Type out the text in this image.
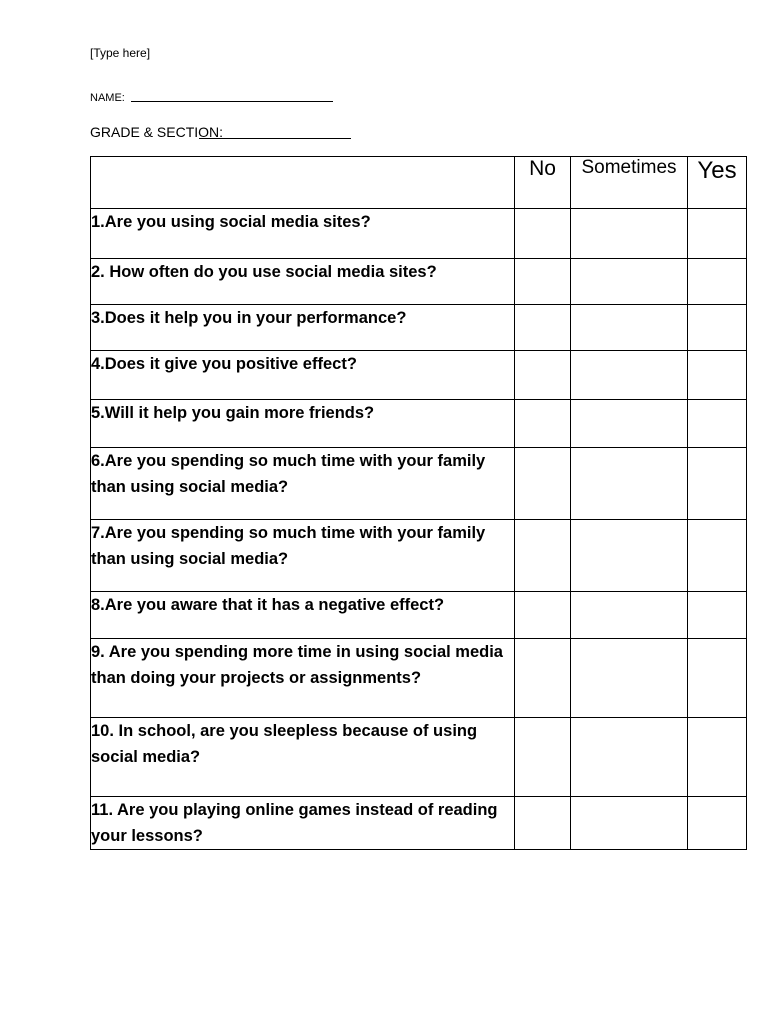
[Type here]
NAME:
GRADE & SECTION:
	No	Sometimes	Yes
1.Are you using social media sites?			
2. How often do you use social media sites?			
3.Does it help you in your performance?			
4.Does it give you positive effect?			
5.Will it help you gain more friends?			
6.Are you spending so much time with your family than using social media?			
7.Are you spending so much time with your family than using social media?			
8.Are you aware that it has a negative effect?			
9. Are you spending more time in using social media than doing your projects or assignments?			
10. In school, are you sleepless because of using social media?			
11. Are you playing online games instead of reading your lessons?			
